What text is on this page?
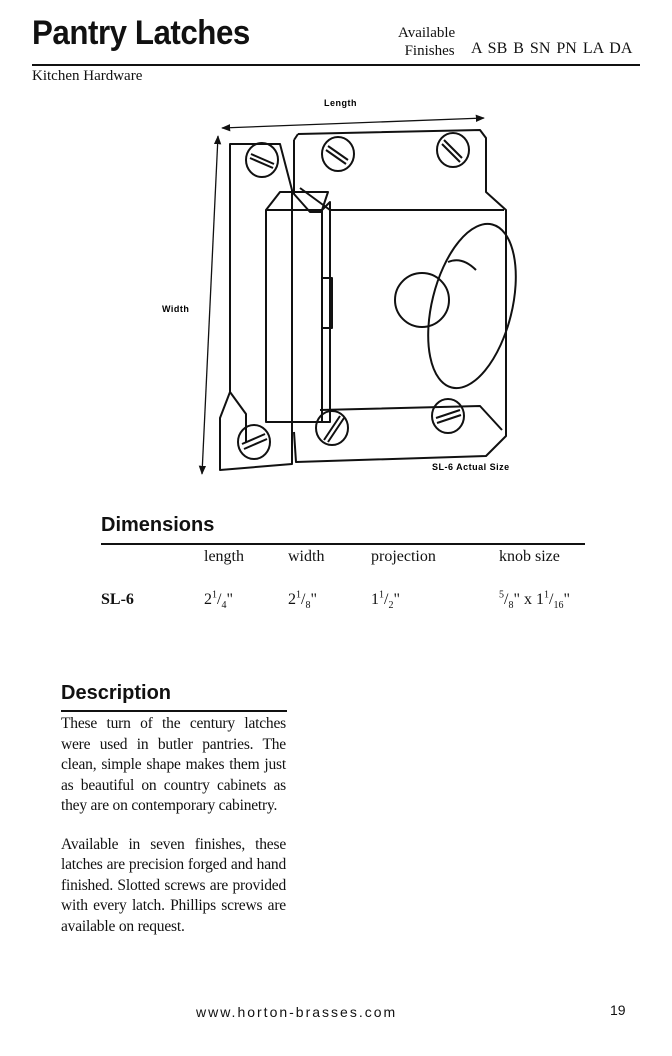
Pantry Latches	Available
Finishes A SB B SN PN LA DA
Kitchen Hardware
Length
Width
SL-6 Actual Size
Dimensions
length	width	projection	knob size
SL-6	$2^1/_4$"	$2^1/_8$"	$1^1/_2$"	$^5/_8$" x $1^1/_{16}$"
Description

These turn of the century latches were used in butler pantries. The clean, simple shape makes them just as beautiful on country cabinets as they are on contemporary cabinetry.

Available in seven finishes, these latches are precision forged and hand finished. Slotted screws are provided with every latch. Phillips screws are available on request.

www.horton-brasses.com	19
